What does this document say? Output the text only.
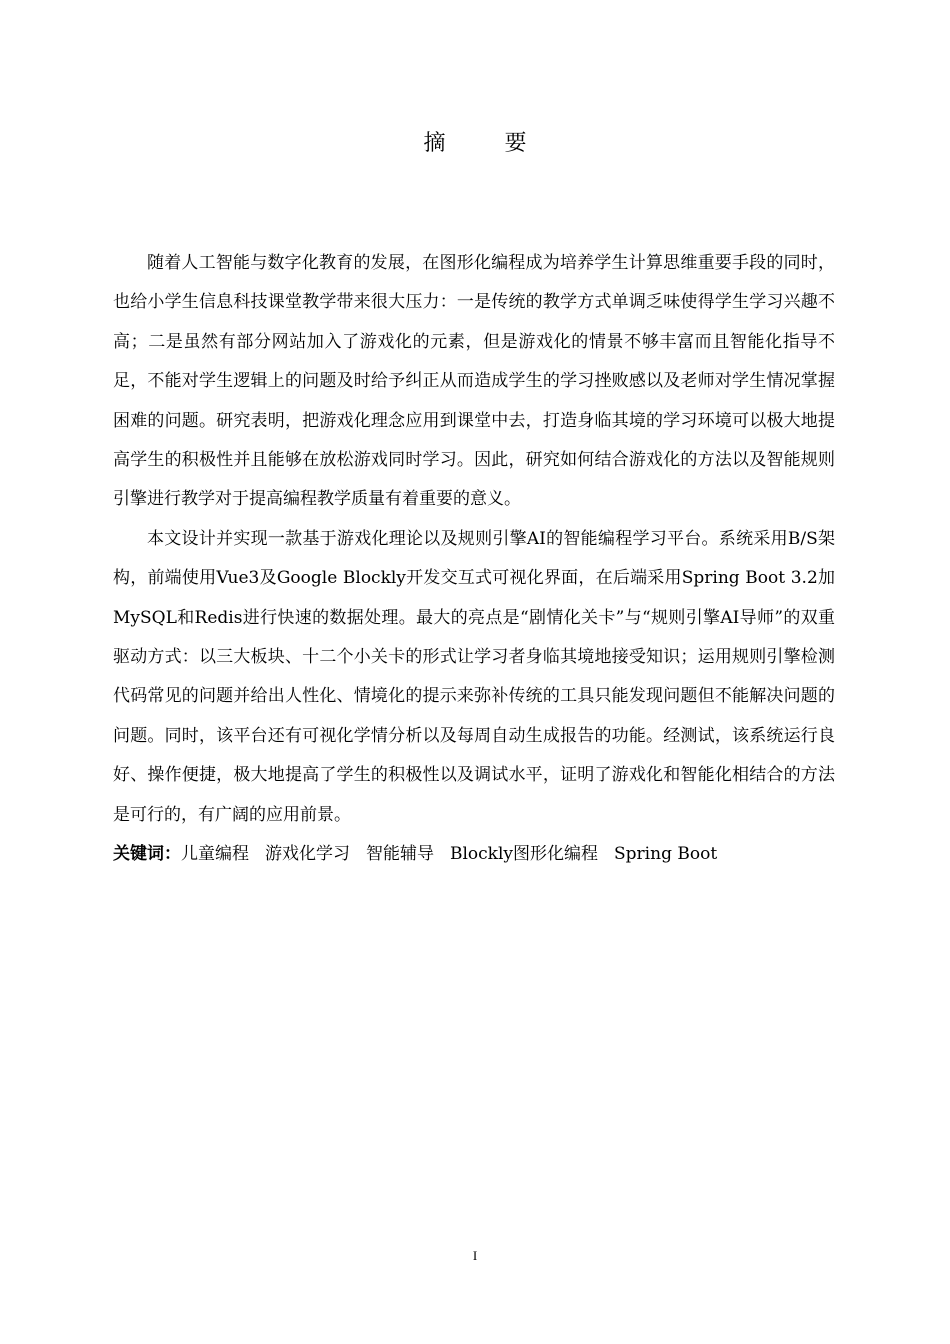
摘 要

随着人工智能与数字化教育的发展，在图形化编程成为培养学生计算思维重要手段的同时，也给小学生信息科技课堂教学带来很大压力：一是传统的教学方式单调乏味使得学生学习兴趣不高；二是虽然有部分网站加入了游戏化的元素，但是游戏化的情景不够丰富而且智能化指导不足，不能对学生逻辑上的问题及时给予纠正从而造成学生的学习挫败感以及老师对学生情况掌握困难的问题。研究表明，把游戏化理念应用到课堂中去，打造身临其境的学习环境可以极大地提高学生的积极性并且能够在放松游戏同时学习。因此，研究如何结合游戏化的方法以及智能规则引擎进行教学对于提高编程教学质量有着重要的意义。

本文设计并实现一款基于游戏化理论以及规则引擎AI的智能编程学习平台。系统采用B/S架构，前端使用Vue3及Google Blockly开发交互式可视化界面，在后端采用Spring Boot 3.2加MySQL和Redis进行快速的数据处理。最大的亮点是“剧情化关卡”与“规则引擎AI导师”的双重驱动方式：以三大板块、十二个小关卡的形式让学习者身临其境地接受知识；运用规则引擎检测代码常见的问题并给出人性化、情境化的提示来弥补传统的工具只能发现问题但不能解决问题的问题。同时，该平台还有可视化学情分析以及每周自动生成报告的功能。经测试，该系统运行良好、操作便捷，极大地提高了学生的积极性以及调试水平，证明了游戏化和智能化相结合的方法是可行的，有广阔的应用前景。

关键词：儿童编程 游戏化学习 智能辅导 Blockly图形化编程 Spring Boot
I
